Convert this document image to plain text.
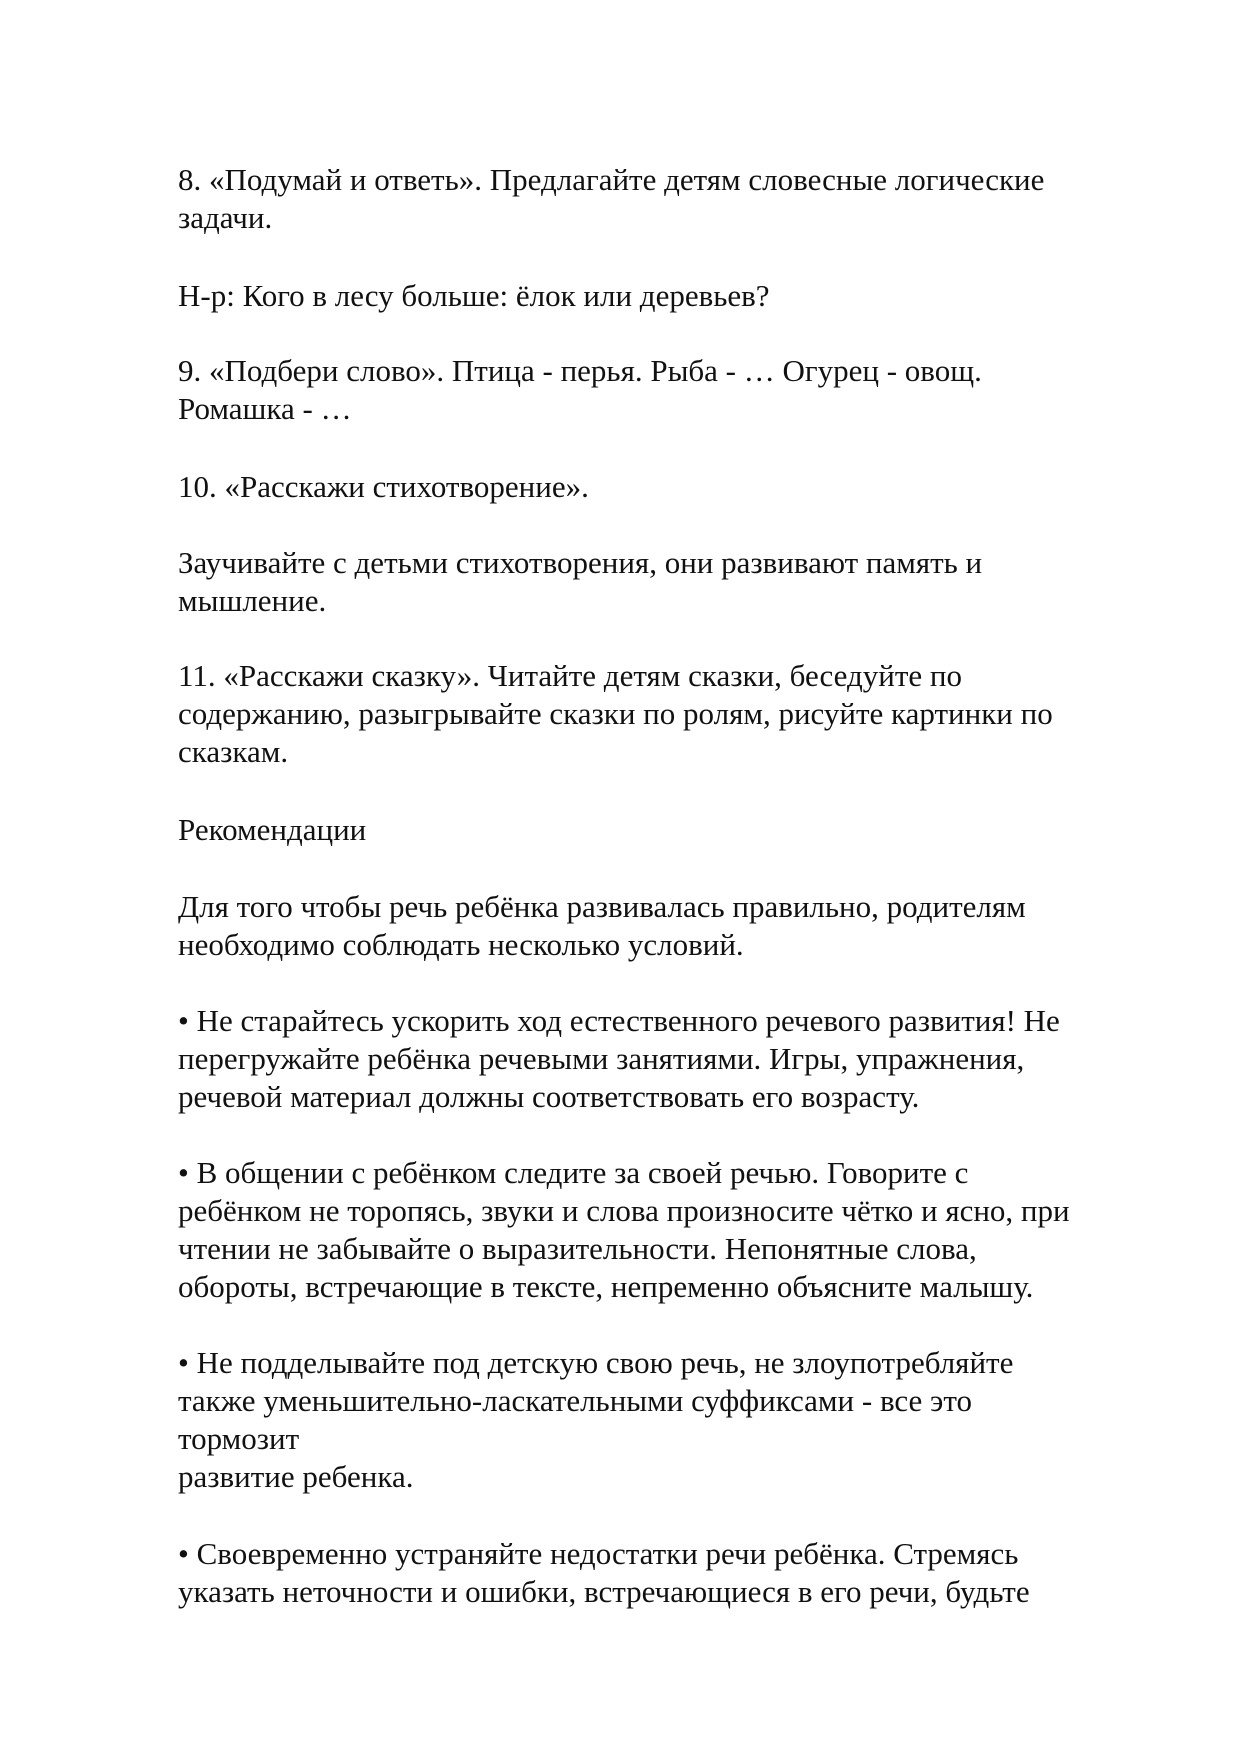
8. «Подумай и ответь». Предлагайте детям словесные логические

задачи.

Н-р: Кого в лесу больше: ёлок или деревьев?

9. «Подбери слово». Птица - перья. Рыба - … Огурец - овощ.

Ромашка - …

10. «Расскажи стихотворение».

Заучивайте с детьми стихотворения, они развивают память и

мышление.

11. «Расскажи сказку». Читайте детям сказки, беседуйте по

содержанию, разыгрывайте сказки по ролям, рисуйте картинки по

сказкам.

Рекомендации

Для того чтобы речь ребёнка развивалась правильно, родителям

необходимо соблюдать несколько условий.

• Не старайтесь ускорить ход естественного речевого развития! Не

перегружайте ребёнка речевыми занятиями. Игры, упражнения,

речевой материал должны соответствовать его возрасту.

• В общении с ребёнком следите за своей речью. Говорите с

ребёнком не торопясь, звуки и слова произносите чётко и ясно, при

чтении не забывайте о выразительности. Непонятные слова,

обороты, встречающие в тексте, непременно объясните малышу.

• Не подделывайте под детскую свою речь, не злоупотребляйте

также уменьшительно-ласкательными суффиксами - все это

тормозит

развитие ребенка.

• Своевременно устраняйте недостатки речи ребёнка. Стремясь

указать неточности и ошибки, встречающиеся в его речи, будьте
